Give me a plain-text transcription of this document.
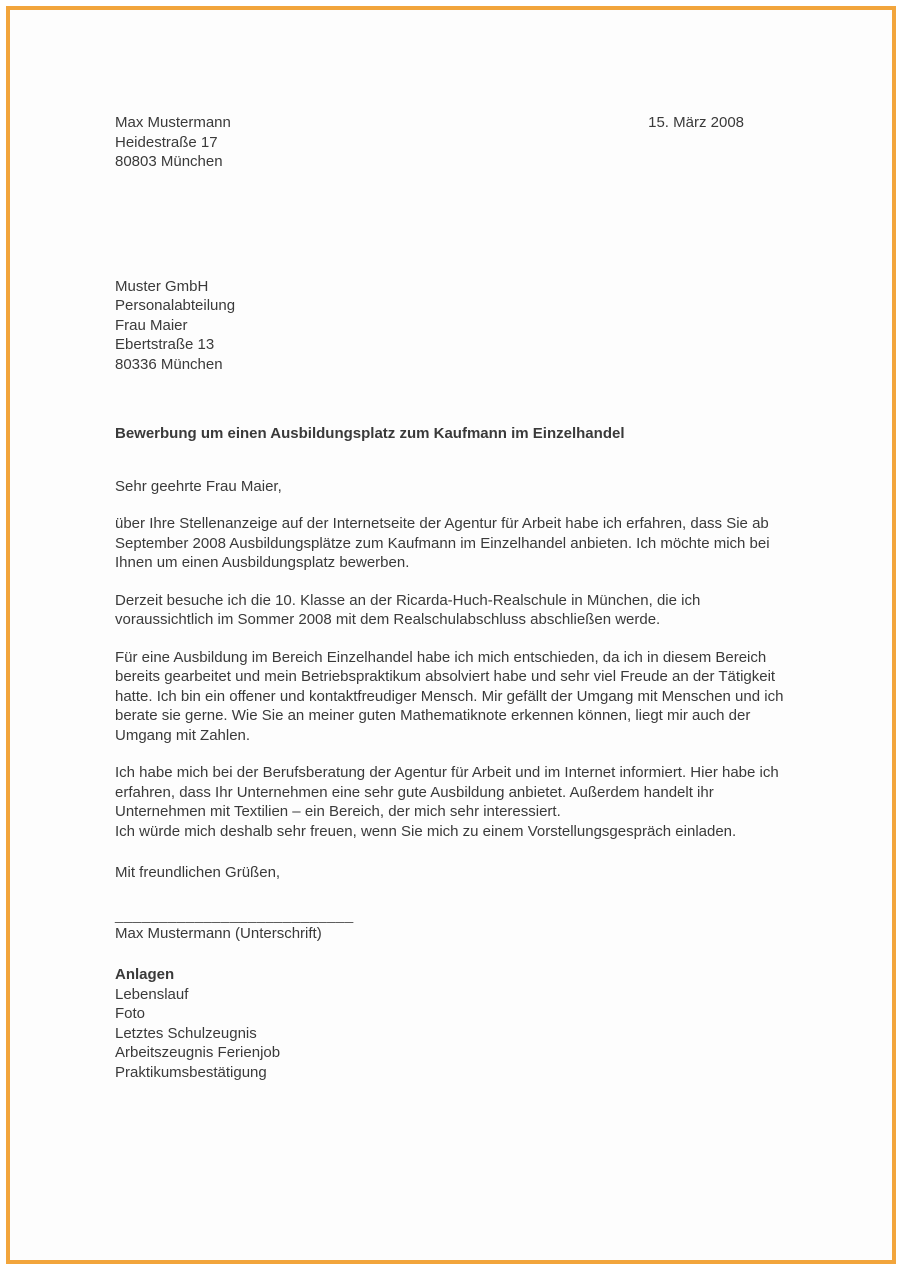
Max Mustermann
Heidestraße 17
80803 München
15. März 2008
Muster GmbH
Personalabteilung
Frau Maier
Ebertstraße 13
80336 München
Bewerbung um einen Ausbildungsplatz zum Kaufmann im Einzelhandel
Sehr geehrte Frau Maier,

über Ihre Stellenanzeige auf der Internetseite der Agentur für Arbeit habe ich erfahren, dass Sie ab September 2008 Ausbildungsplätze zum Kaufmann im Einzelhandel anbieten. Ich möchte mich bei Ihnen um einen Ausbildungsplatz bewerben.

Derzeit besuche ich die 10. Klasse an der Ricarda-Huch-Realschule in München, die ich voraussichtlich im Sommer 2008 mit dem Realschulabschluss abschließen werde.

Für eine Ausbildung im Bereich Einzelhandel habe ich mich entschieden, da ich in diesem Bereich bereits gearbeitet und mein Betriebspraktikum absolviert habe und sehr viel Freude an der Tätigkeit hatte. Ich bin ein offener und kontaktfreudiger Mensch. Mir gefällt der Umgang mit Menschen und ich berate sie gerne. Wie Sie an meiner guten Mathematiknote erkennen können, liegt mir auch der Umgang mit Zahlen.

Ich habe mich bei der Berufsberatung der Agentur für Arbeit und im Internet informiert. Hier habe ich erfahren, dass Ihr Unternehmen eine sehr gute Ausbildung anbietet. Außerdem handelt ihr Unternehmen mit Textilien – ein Bereich, der mich sehr interessiert.
Ich würde mich deshalb sehr freuen, wenn Sie mich zu einem Vorstellungsgespräch einladen.

Mit freundlichen Grüßen,
___________________________
Max Mustermann (Unterschrift)
Anlagen
Lebenslauf
Foto
Letztes Schulzeugnis
Arbeitszeugnis Ferienjob
Praktikumsbestätigung
